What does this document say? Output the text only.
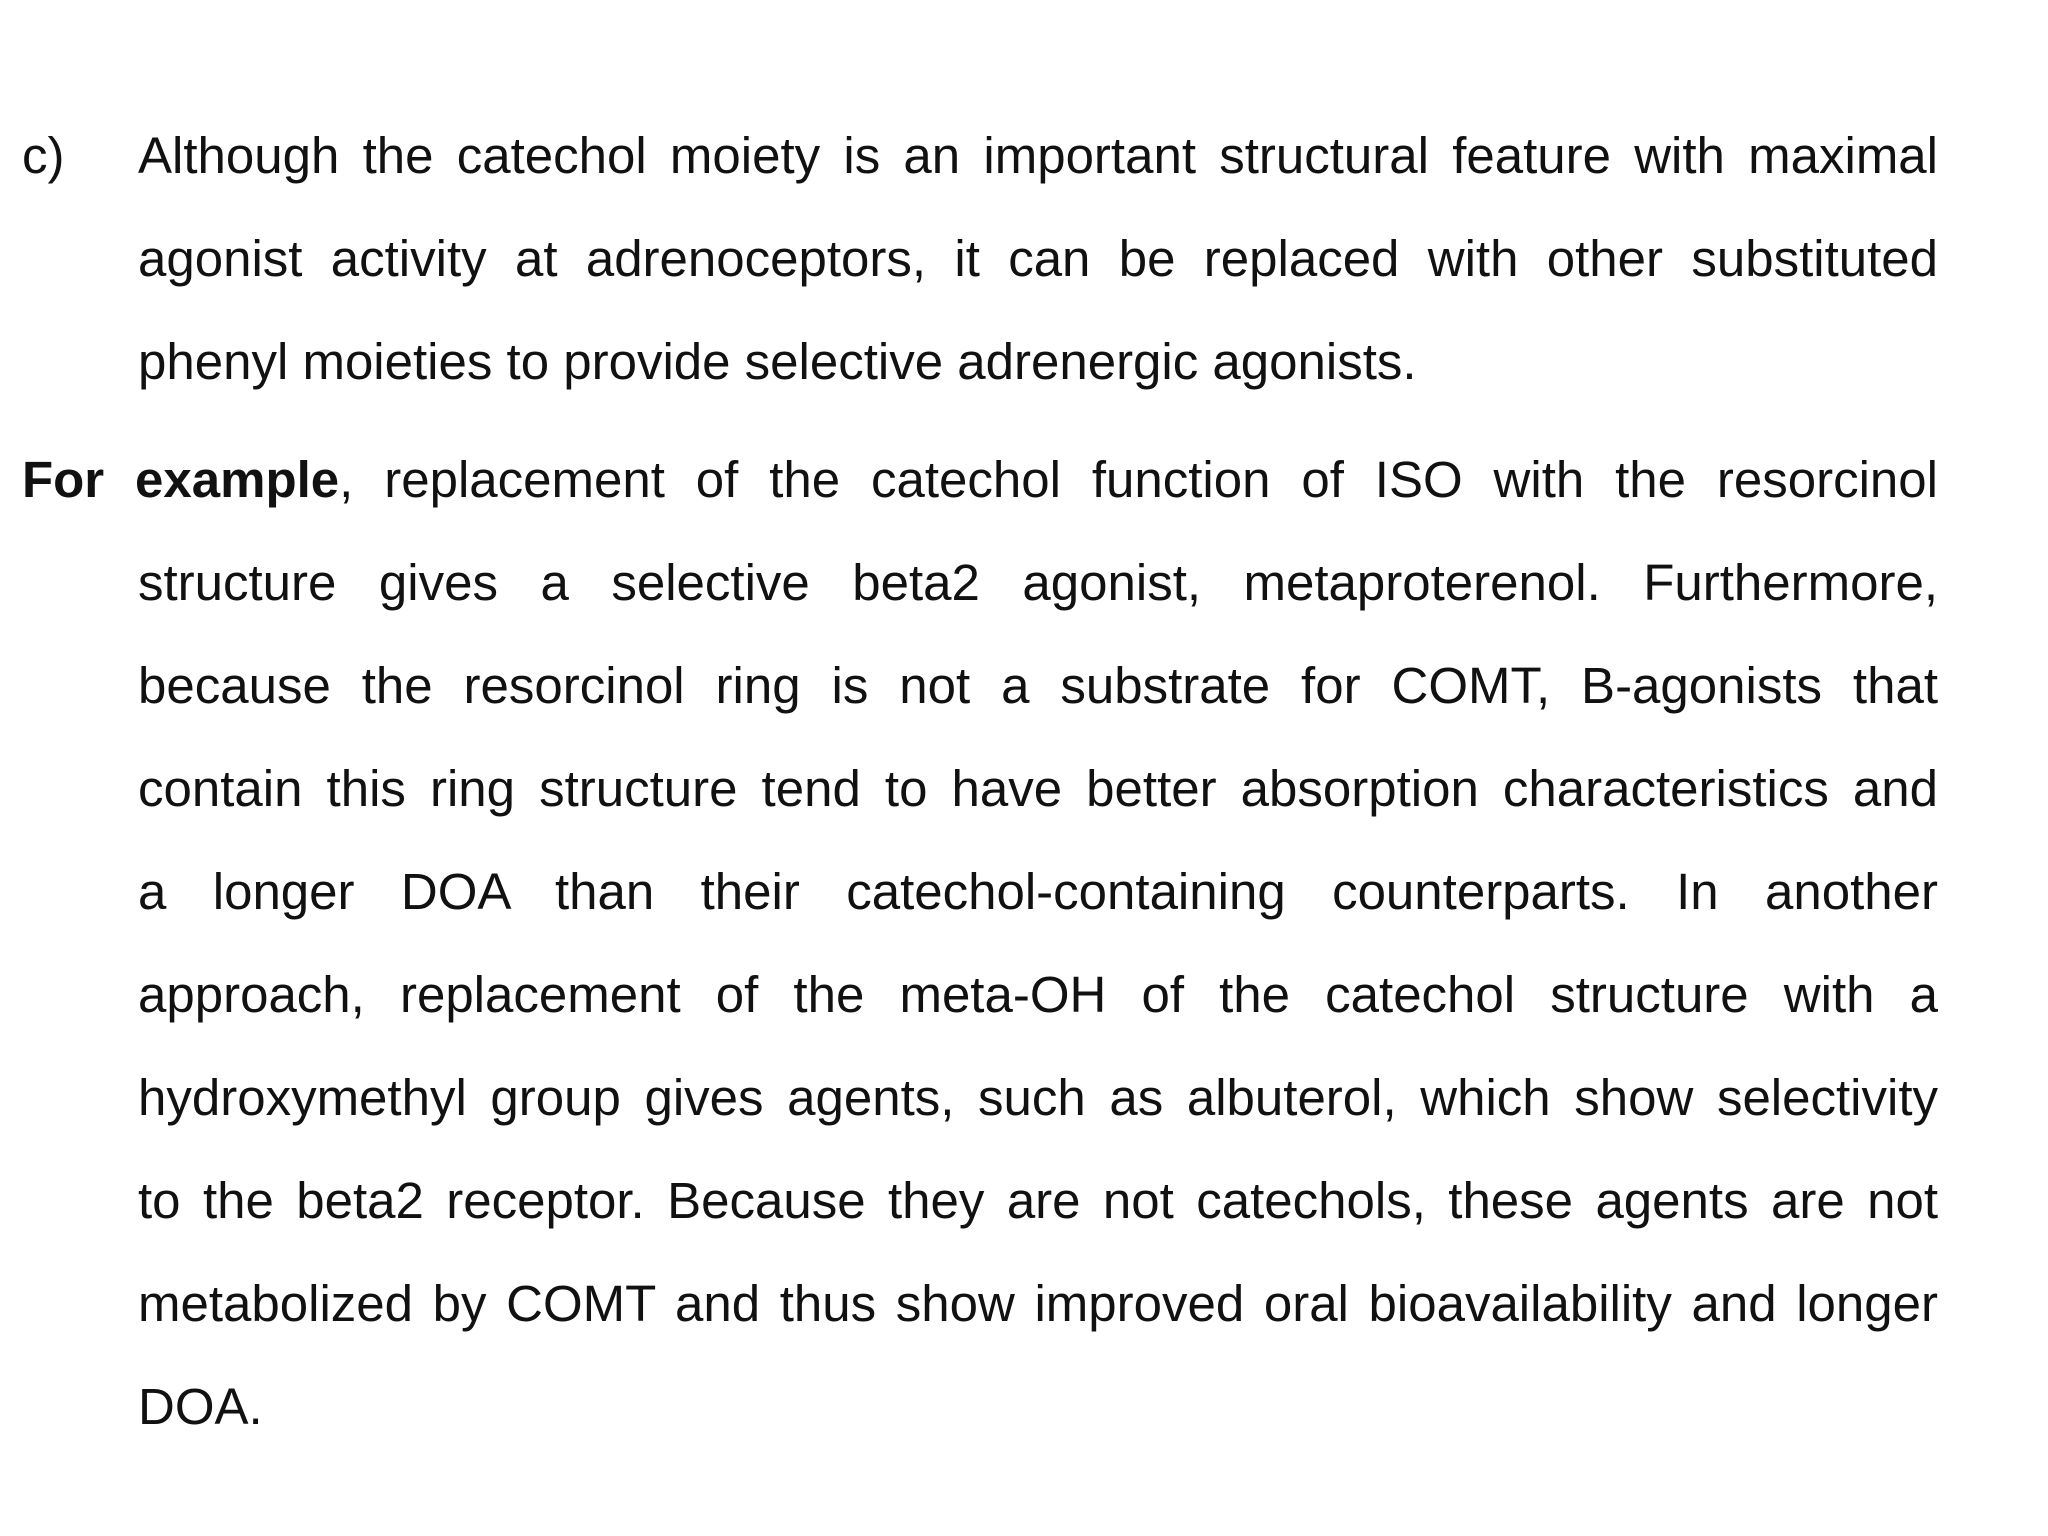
c) Although the catechol moiety is an important structural feature with maximal
agonist activity at adrenoceptors, it can be replaced with other substituted
phenyl moieties to provide selective adrenergic agonists.
For example, replacement of the catechol function of ISO with the resorcinol
structure gives a selective beta2 agonist, metaproterenol. Furthermore,
because the resorcinol ring is not a substrate for COMT, B-agonists that
contain this ring structure tend to have better absorption characteristics and
a longer DOA than their catechol-containing counterparts. In another
approach, replacement of the meta-OH of the catechol structure with a
hydroxymethyl group gives agents, such as albuterol, which show selectivity
to the beta2 receptor. Because they are not catechols, these agents are not
metabolized by COMT and thus show improved oral bioavailability and longer
DOA.
